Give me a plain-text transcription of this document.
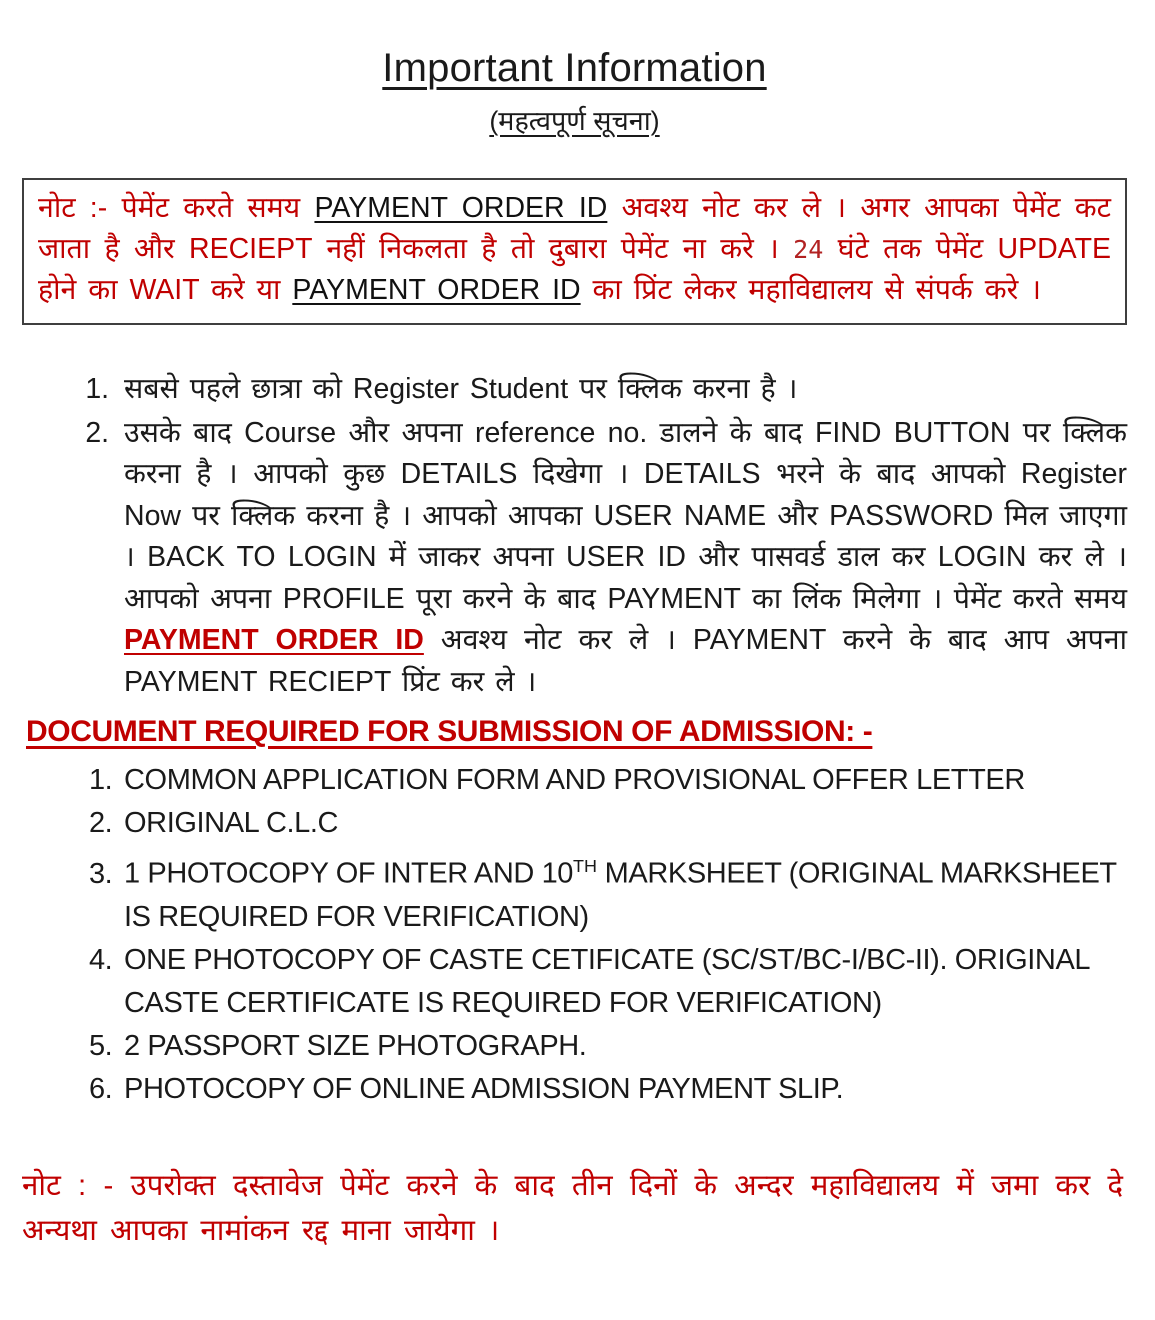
Important Information
(महत्वपूर्ण सूचना)
नोट :- पेमेंट करते समय PAYMENT ORDER ID अवश्य नोट कर ले । अगर आपका पेमेंट कट जाता है और RECIEPT नहीं निकलता है तो दुबारा पेमेंट ना करे । 24 घंटे तक पेमेंट UPDATE होने का WAIT करे या PAYMENT ORDER ID का प्रिंट लेकर महाविद्यालय से संपर्क करे ।
1. सबसे पहले छात्रा को Register Student पर क्लिक करना है ।
2. उसके बाद Course और अपना reference no. डालने के बाद FIND BUTTON पर क्लिक करना है । आपको कुछ DETAILS दिखेगा । DETAILS भरने के बाद आपको Register Now पर क्लिक करना है । आपको आपका USER NAME और PASSWORD मिल जाएगा । BACK TO LOGIN में जाकर अपना USER ID और पासवर्ड डाल कर LOGIN कर ले । आपको अपना PROFILE पूरा करने के बाद PAYMENT का लिंक मिलेगा । पेमेंट करते समय PAYMENT ORDER ID अवश्य नोट कर ले । PAYMENT करने के बाद आप अपना PAYMENT RECIEPT प्रिंट कर ले ।
DOCUMENT REQUIRED FOR SUBMISSION OF ADMISSION: -
1. COMMON APPLICATION FORM AND PROVISIONAL OFFER LETTER
2. ORIGINAL C.L.C
3. 1 PHOTOCOPY OF INTER AND 10TH MARKSHEET (ORIGINAL MARKSHEET IS REQUIRED FOR VERIFICATION)
4. ONE PHOTOCOPY OF CASTE CETIFICATE (SC/ST/BC-I/BC-II). ORIGINAL CASTE CERTIFICATE IS REQUIRED FOR VERIFICATION)
5. 2 PASSPORT SIZE PHOTOGRAPH.
6. PHOTOCOPY OF ONLINE ADMISSION PAYMENT SLIP.
नोट : - उपरोक्त दस्तावेज पेमेंट करने के बाद तीन दिनों के अन्दर महाविद्यालय में जमा कर दे अन्यथा आपका नामांकन रद्द माना जायेगा ।
